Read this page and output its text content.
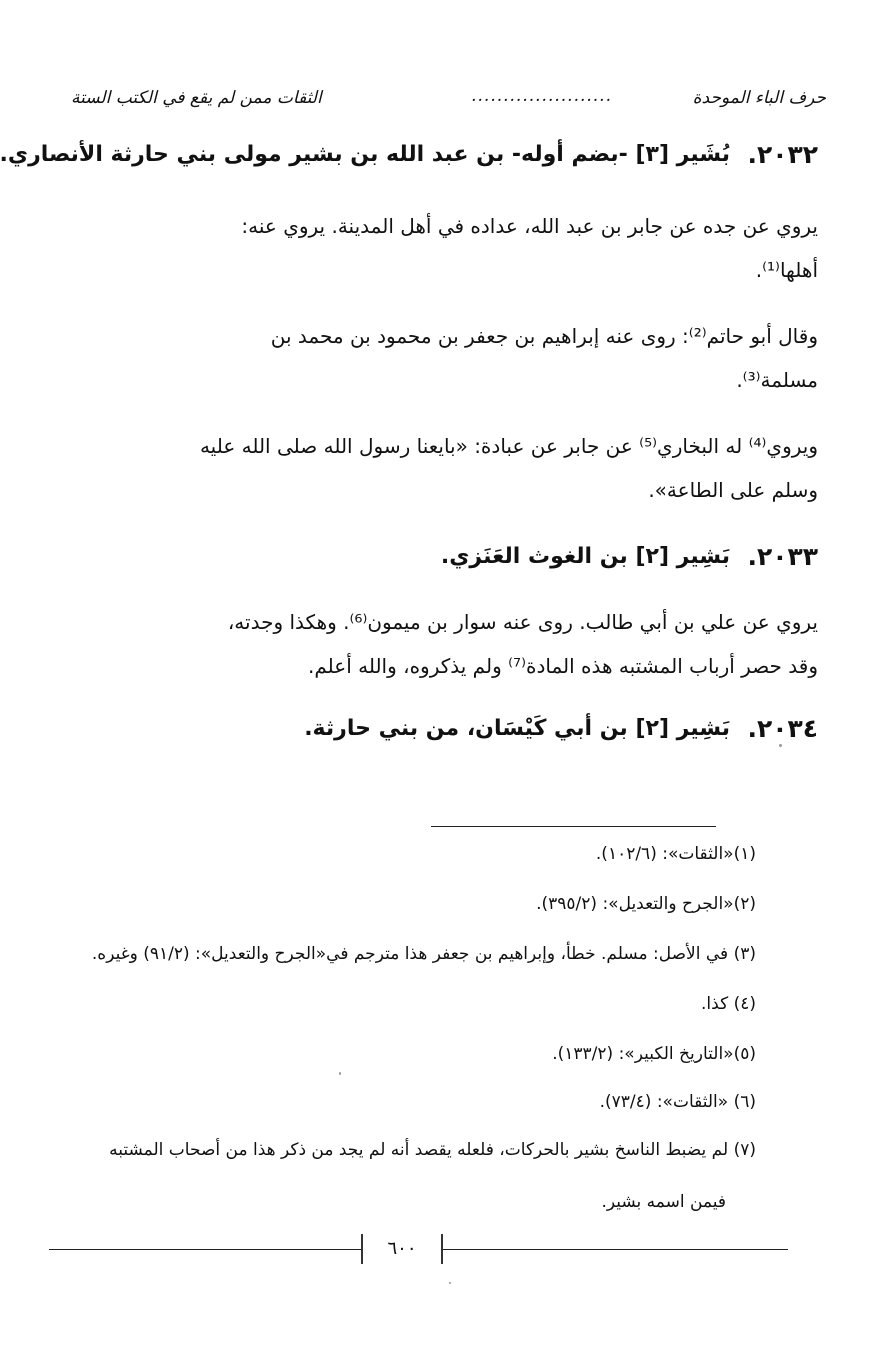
حرف الباء الموحدة
......................
الثقات ممن لم يقع في الكتب الستة
٢٠٣٢.
بُشَير [٣] -بضم أوله- بن عبد الله بن بشير مولى بني حارثة الأنصاري.
يروي عن جده عن جابر بن عبد الله، عداده في أهل المدينة. يروي عنه:
أهلها⁽¹⁾.
وقال أبو حاتم⁽²⁾: روى عنه إبراهيم بن جعفر بن محمود بن محمد بن
مسلمة⁽³⁾.
ويروي⁽⁴⁾ له البخاري⁽⁵⁾ عن جابر عن عبادة: «بايعنا رسول الله صلى الله عليه
وسلم على الطاعة».
٢٠٣٣.
بَشِير [٢] بن الغوث العَنَزي.
يروي عن علي بن أبي طالب. روى عنه سوار بن ميمون⁽⁶⁾. وهكذا وجدته،
وقد حصر أرباب المشتبه هذه المادة⁽⁷⁾ ولم يذكروه، والله أعلم.
٢٠٣٤.
بَشِير [٢] بن أبي كَيْسَان، من بني حارثة.
(١)«الثقات»: (١٠٢/٦).
(٢)«الجرح والتعديل»: (٣٩٥/٢).
(٣) في الأصل: مسلم. خطأ، وإبراهيم بن جعفر هذا مترجم في«الجرح والتعديل»: (٩١/٢) وغيره.
(٤) كذا.
(٥)«التاريخ الكبير»: (١٣٣/٢).
(٦) «الثقات»: (٧٣/٤).
(٧) لم يضبط الناسخ بشير بالحركات، فلعله يقصد أنه لم يجد من ذكر هذا من أصحاب المشتبه
فيمن اسمه بشير.
٦٠٠
